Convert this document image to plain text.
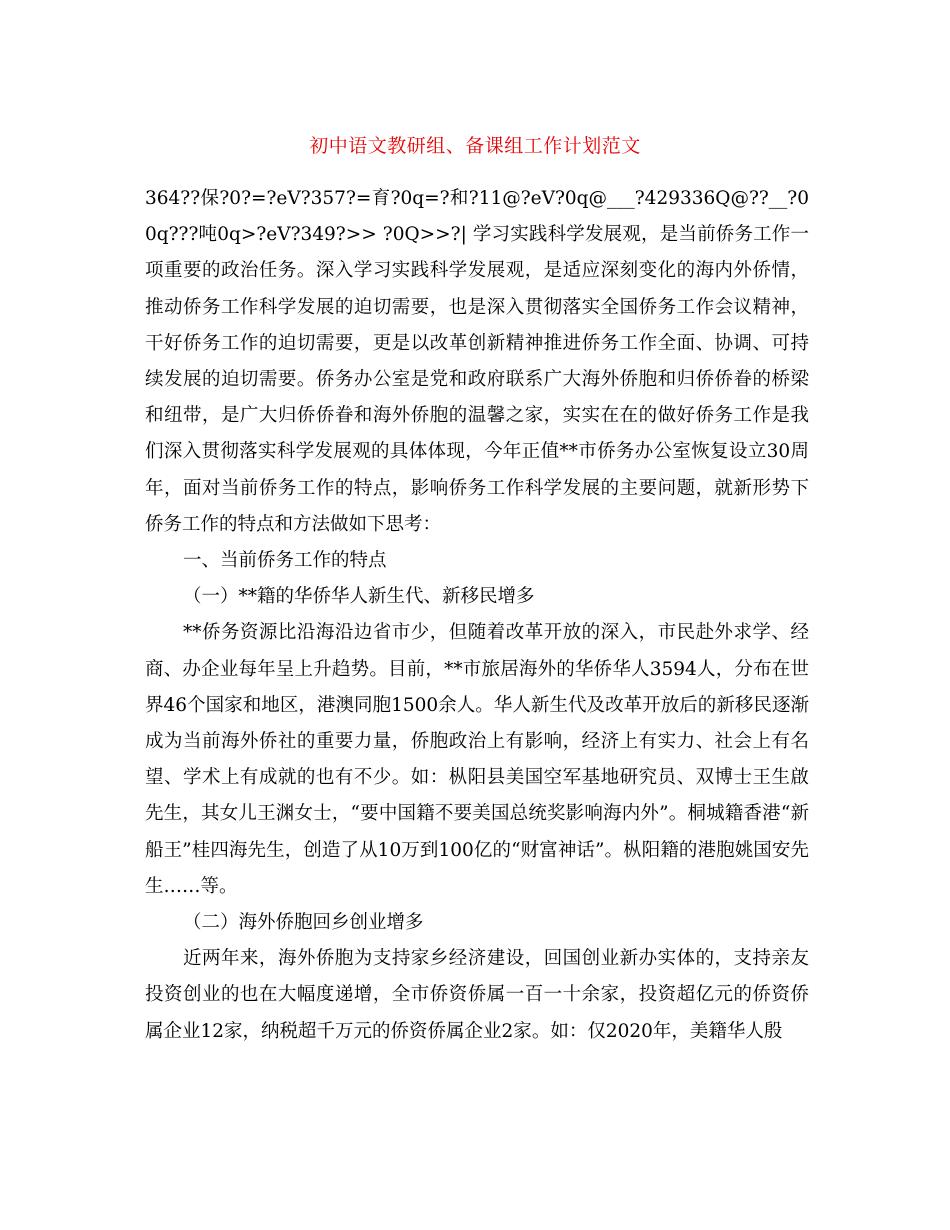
初中语文教研组、备课组工作计划范文

364??保?0?=?eV?357?=育?0q=?和?11@?eV?0q@___?429336Q@??__?0 0q???吨0q>?eV?349?>> ?0Q>>?| 学习实践科学发展观，是当前侨务工作一项重要的政治任务。深入学习实践科学发展观，是适应深刻变化的海内外侨情，推动侨务工作科学发展的迫切需要，也是深入贯彻落实全国侨务工作会议精神，干好侨务工作的迫切需要，更是以改革创新精神推进侨务工作全面、协调、可持续发展的迫切需要。侨务办公室是党和政府联系广大海外侨胞和归侨侨眷的桥梁和纽带，是广大归侨侨眷和海外侨胞的温馨之家，实实在在的做好侨务工作是我们深入贯彻落实科学发展观的具体体现，今年正值**市侨务办公室恢复设立30周年，面对当前侨务工作的特点，影响侨务工作科学发展的主要问题，就新形势下侨务工作的特点和方法做如下思考：

一、当前侨务工作的特点

（一）**籍的华侨华人新生代、新移民增多

**侨务资源比沿海沿边省市少，但随着改革开放的深入，市民赴外求学、经商、办企业每年呈上升趋势。目前，**市旅居海外的华侨华人3594人，分布在世界46个国家和地区，港澳同胞1500余人。华人新生代及改革开放后的新移民逐渐成为当前海外侨社的重要力量，侨胞政治上有影响，经济上有实力、社会上有名望、学术上有成就的也有不少。如：枞阳县美国空军基地研究员、双博士王生啟先生，其女儿王渊女士，“要中国籍不要美国总统奖影响海内外”。桐城籍香港“新船王”桂四海先生，创造了从10万到100亿的“财富神话”。枞阳籍的港胞姚国安先生……等。

（二）海外侨胞回乡创业增多

近两年来，海外侨胞为支持家乡经济建设，回国创业新办实体的，支持亲友投资创业的也在大幅度递增，全市侨资侨属一百一十余家，投资超亿元的侨资侨属企业12家，纳税超千万元的侨资侨属企业2家。如：仅2020年，美籍华人殷
